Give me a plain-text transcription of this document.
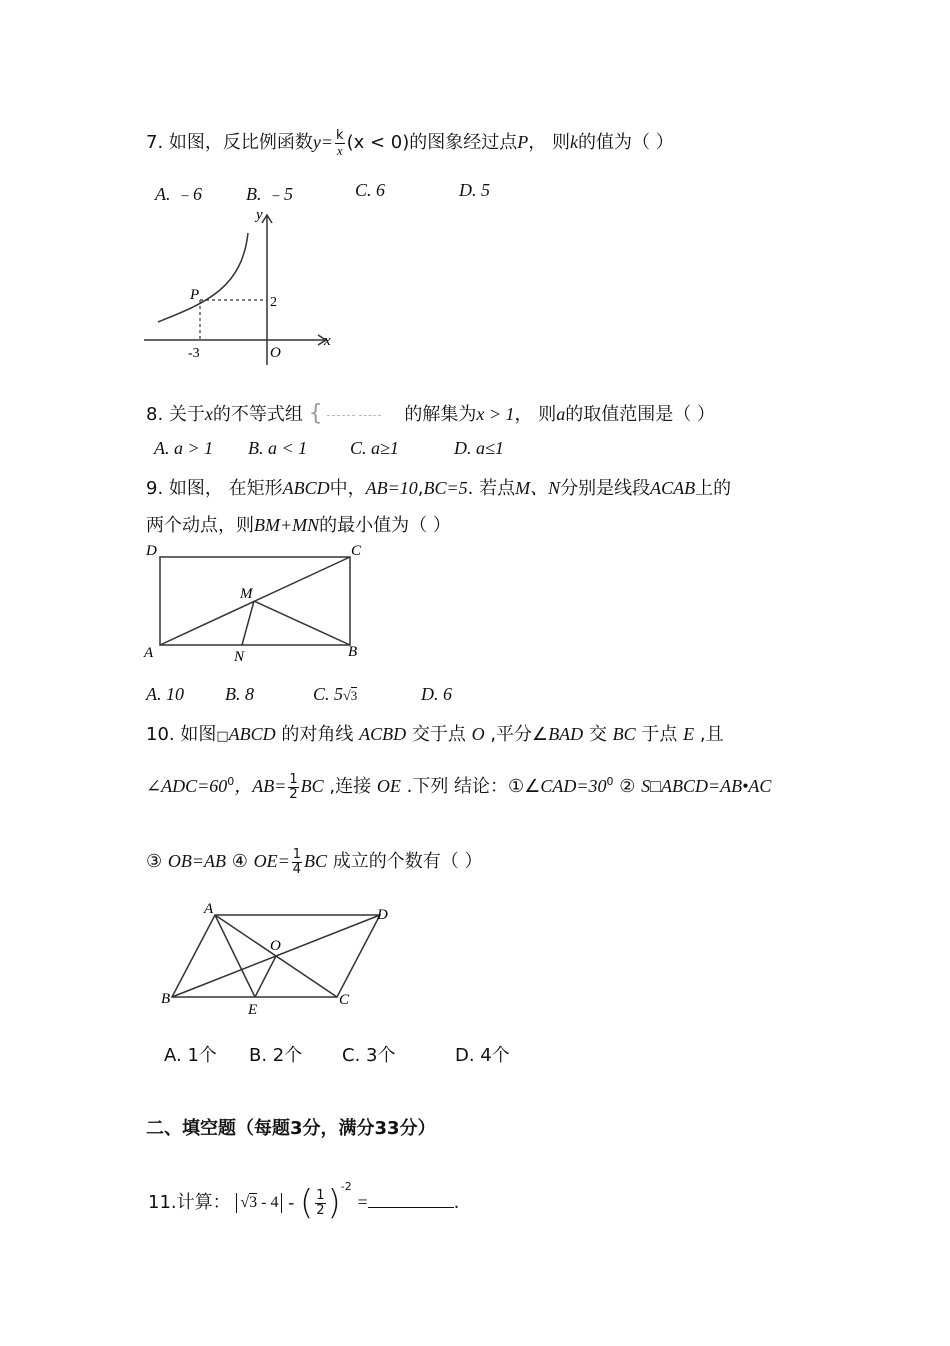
7. 如图，反比例函数$y= \frac{k}{x} (x < 0)$的图象经过点P， 则k的值为（ ）
A. ﹣6 B. ﹣5	C. 6	D. 5
y
x
P	2
-3	O
8. 关于x的不等式组 {	的解集为x > 1， 则a的取值范围是（ ）
A. a > 1 B. a < 1 C. a≥1	D. a≤1
9. 如图， 在矩形ABCD中，AB=10,BC=5. 若点M、N分别是线段ACAB上的
两个动点，则BM+MN的最小值为（ ）
D	C
A	B
M
N
A. 10 B. 8	C. 5√3	D. 6
10. 如图□ABCD 的对角线 ACBD 交于点 O ,平分∠BAD 交 BC 于点 E ,且
$\angle ADC=60^0$，$AB= \frac{1}{2}$ BC ,连接 OE .下列 结论：$①\angle CAD=30^0$ ② S□ABCD=AB•AC
③ OB=AB ④ $OE= \frac{1}{4}$ BC 成立的个数有（ ）
A	D
O
B
E
C
A. 1个 B. 2个 C. 3个	D. 4个
二、填空题（每题3分，满分33分）
11.计算： √3 - 4 - ( $\frac{1}{2} )^{-2}$ =	.
